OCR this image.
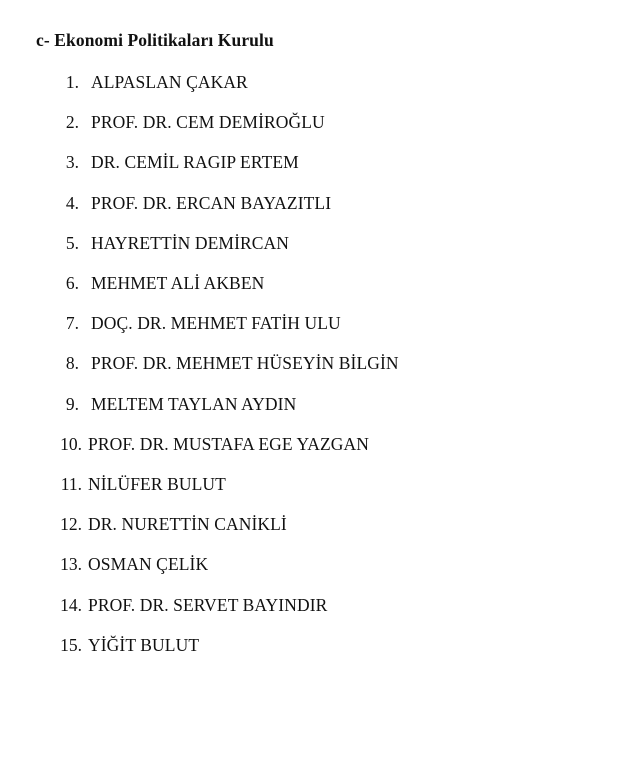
c- Ekonomi Politikaları Kurulu
1. ALPASLAN ÇAKAR
2. PROF. DR. CEM DEMİROĞLU
3. DR. CEMİL RAGIP ERTEM
4. PROF. DR. ERCAN BAYAZITLI
5. HAYRETTİN DEMİRCAN
6. MEHMET ALİ AKBEN
7. DOÇ. DR. MEHMET FATİH ULU
8. PROF. DR. MEHMET HÜSEYİN BİLGİN
9. MELTEM TAYLAN AYDIN
10. PROF. DR. MUSTAFA EGE YAZGAN
11. NİLÜFER BULUT
12. DR. NURETTİN CANİKLİ
13. OSMAN ÇELİK
14. PROF. DR. SERVET BAYINDIR
15. YİĞİT BULUT
